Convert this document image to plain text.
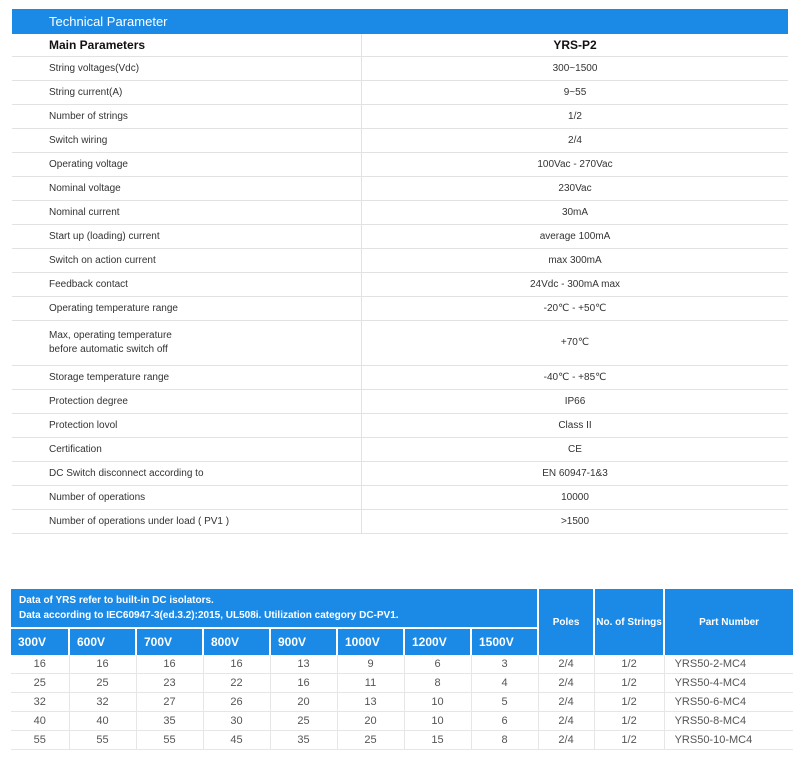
Technical Parameter
Main Parameters	YRS-P2
String voltages(Vdc)	300~1500
String current(A)	9~55
Number of strings	1/2
Switch wiring	2/4
Operating voltage	100Vac - 270Vac
Nominal voltage	230Vac
Nominal current	30mA
Start up (loading) current	average 100mA
Switch on action current	max 300mA
Feedback contact	24Vdc - 300mA max
Operating temperature range	-20℃ - +50℃
Max, operating temperature
before automatic switch off	+70℃
Storage temperature range	-40℃ - +85℃
Protection degree	IP66
Protection lovol	Class II
Certification	CE
DC Switch disconnect according to	EN 60947-1&3
Number of operations	10000
Number of operations under load ( PV1 )	>1500
Data of YRS refer to built-in DC isolators.
Data according to IEC60947-3(ed.3.2):2015, UL508i. Utilization category DC-PV1.								Poles	No. of Strings	Part Number
300V	600V	700V	800V	900V	1000V	1200V	1500V			
16	16	16	16	13	9	6	3	2/4	1/2	YRS50-2-MC4
25	25	23	22	16	11	8	4	2/4	1/2	YRS50-4-MC4
32	32	27	26	20	13	10	5	2/4	1/2	YRS50-6-MC4
40	40	35	30	25	20	10	6	2/4	1/2	YRS50-8-MC4
55	55	55	45	35	25	15	8	2/4	1/2	YRS50-10-MC4
